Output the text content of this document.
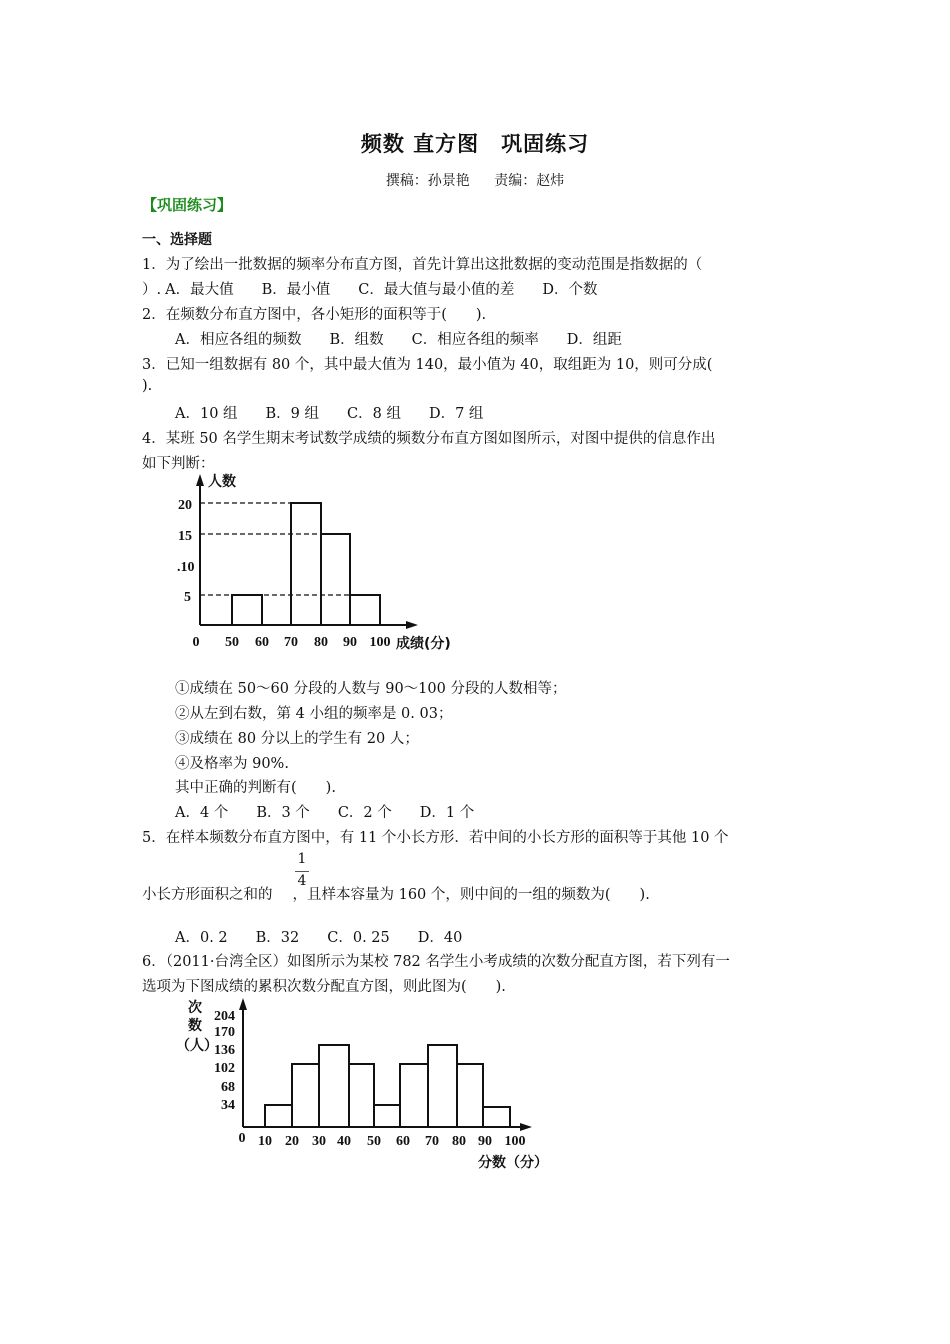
频数 直方图　巩固练习
撰稿：孙景艳 责编：赵炜
【巩固练习】
一、选择题
1．为了绘出一批数据的频率分布直方图，首先计算出这批数据的变动范围是指数据的（
）. A．最大值 B．最小值 C．最大值与最小值的差 D．个数
2．在频数分布直方图中，各小矩形的面积等于(　　).
A．相应各组的频数 B．组数 C．相应各组的频率 D．组距
3．已知一组数据有 80 个，其中最大值为 140，最小值为 40，取组距为 10，则可分成(
).
A．10 组 B．9 组 C．8 组 D．7 组
4．某班 50 名学生期末考试数学成绩的频数分布直方图如图所示，对图中提供的信息作出
如下判断：
20
15
.10
5
人数
0 50 60 70 80 90 100 成绩(分)
①成绩在 50～60 分段的人数与 90～100 分段的人数相等；
②从左到右数，第 4 小组的频率是 0. 03；
③成绩在 80 分以上的学生有 20 人；
④及格率为 90%.
其中正确的判断有(　　).
A．4 个 B．3 个 C．2 个 D．1 个
5．在样本频数分布直方图中，有 11 个小长方形．若中间的小长方形的面积等于其他 10 个
1
4
小长方形面积之和的 ，且样本容量为 160 个，则中间的一组的频数为(　　).
A．0. 2 B．32 C．0. 25 D．40
6．（2011·台湾全区）如图所示为某校 782 名学生小考成绩的次数分配直方图，若下列有一
选项为下图成绩的累积次数分配直方图，则此图为(　　).
204
170
136
102
68
34
次
数
（人）
0 10 20 30 40 50 60 70 80 90 100
分数（分）
